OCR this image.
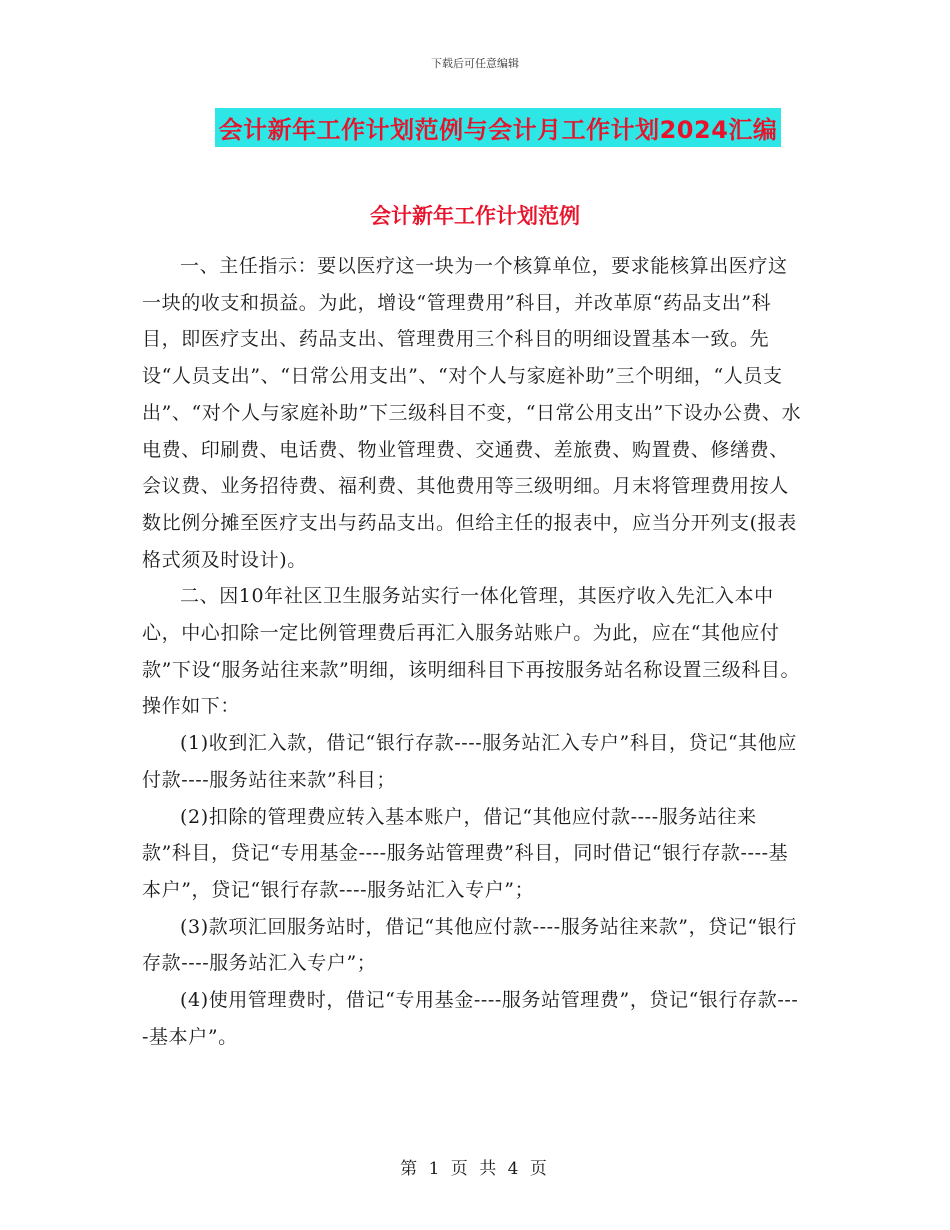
下载后可任意编辑
会计新年工作计划范例与会计月工作计划2024汇编
会计新年工作计划范例

一、主任指示：要以医疗这一块为一个核算单位，要求能核算出医疗这一块的收支和损益。为此，增设“管理费用”科目，并改革原“药品支出”科目，即医疗支出、药品支出、管理费用三个科目的明细设置基本一致。先设“人员支出”、“日常公用支出”、“对个人与家庭补助”三个明细，“人员支出”、“对个人与家庭补助”下三级科目不变，“日常公用支出”下设办公费、水电费、印刷费、电话费、物业管理费、交通费、差旅费、购置费、修缮费、会议费、业务招待费、福利费、其他费用等三级明细。月末将管理费用按人数比例分摊至医疗支出与药品支出。但给主任的报表中，应当分开列支(报表格式须及时设计)。

二、因10年社区卫生服务站实行一体化管理，其医疗收入先汇入本中心，中心扣除一定比例管理费后再汇入服务站账户。为此，应在“其他应付款”下设“服务站往来款”明细，该明细科目下再按服务站名称设置三级科目。操作如下：

(1)收到汇入款，借记“银行存款----服务站汇入专户”科目，贷记“其他应付款----服务站往来款”科目；

(2)扣除的管理费应转入基本账户，借记“其他应付款----服务站往来款”科目，贷记“专用基金----服务站管理费”科目，同时借记“银行存款----基本户”，贷记“银行存款----服务站汇入专户”；

(3)款项汇回服务站时，借记“其他应付款----服务站往来款”，贷记“银行存款----服务站汇入专户”；

(4)使用管理费时，借记“专用基金----服务站管理费”，贷记“银行存款----基本户”。

第 1 页 共 4 页
